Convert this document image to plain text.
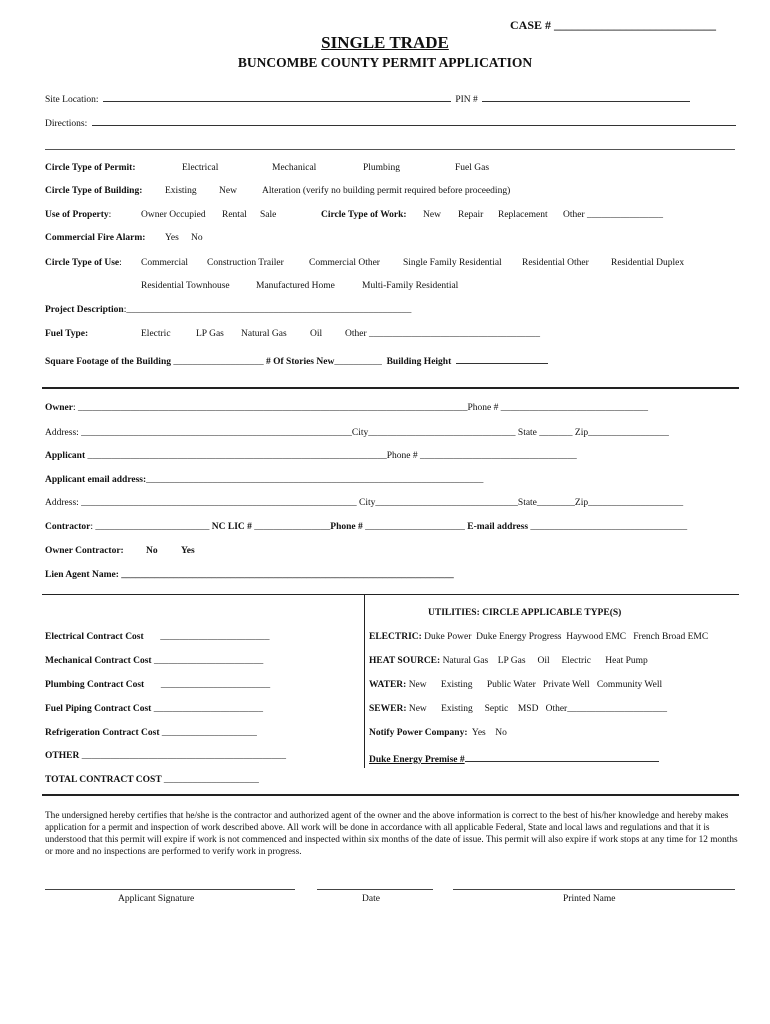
CASE # ___________________________
SINGLE TRADE
BUNCOMBE COUNTY PERMIT APPLICATION
Site Location:	PIN #
Directions:
Circle Type of Permit:	Electrical	Mechanical	Plumbing	Fuel Gas
Circle Type of Building: Existing New	Alteration (verify no building permit required before proceeding)
Use of Property:	Owner Occupied Rental Sale	Circle Type of Work: New Repair Replacement Other ________________
Commercial Fire Alarm: Yes No
Circle Type of Use: Commercial Construction Trailer	Commercial Other Single Family Residential Residential Other Residential Duplex
Residential Townhouse	Manufactured Home	Multi-Family Residential
Project Description:____________________________________________________________
Fuel Type:	Electric	LP Gas Natural Gas Oil Other ____________________________________
Square Footage of the Building ___________________ # Of Stories New__________ Building Height
Owner: __________________________________________________________________________________Phone # _______________________________
Address: _________________________________________________________City_______________________________ State _______ Zip_________________
Applicant _______________________________________________________________Phone # _________________________________
Applicant email address:_______________________________________________________________________
Address: __________________________________________________________ City______________________________State________Zip____________________
Contractor: ________________________ NC LIC # ________________Phone # _____________________ E-mail address _________________________________
Owner Contractor: No Yes
Lien Agent Name: ______________________________________________________________________
Electrical Contract Cost _______________________
Mechanical Contract Cost _______________________
Plumbing Contract Cost _______________________
Fuel Piping Contract Cost _______________________
Refrigeration Contract Cost ____________________
OTHER ___________________________________________
TOTAL CONTRACT COST ____________________
UTILITIES: CIRCLE APPLICABLE TYPE(S)
ELECTRIC: Duke Power Duke Energy Progress Haywood EMC French Broad EMC
HEAT SOURCE: Natural Gas LP Gas Oil Electric Heat Pump
WATER: New Existing Public Water Private Well Community Well
SEWER: New Existing Septic MSD Other_____________________
Notify Power Company: Yes No
Duke Energy Premise #
The undersigned hereby certifies that he/she is the contractor and authorized agent of the owner and the above information is correct to the best of his/her knowledge and hereby makes application for a permit and inspection of work described above. All work will be done in accordance with all applicable Federal, State and local laws and regulations and that it is understood that this permit will expire if work is not commenced and inspected within six months of the date of issue. This permit will also expire if work stops at any time for 12 months or more and no inspections are performed to verify work in progress.
Applicant Signature	Date	Printed Name
